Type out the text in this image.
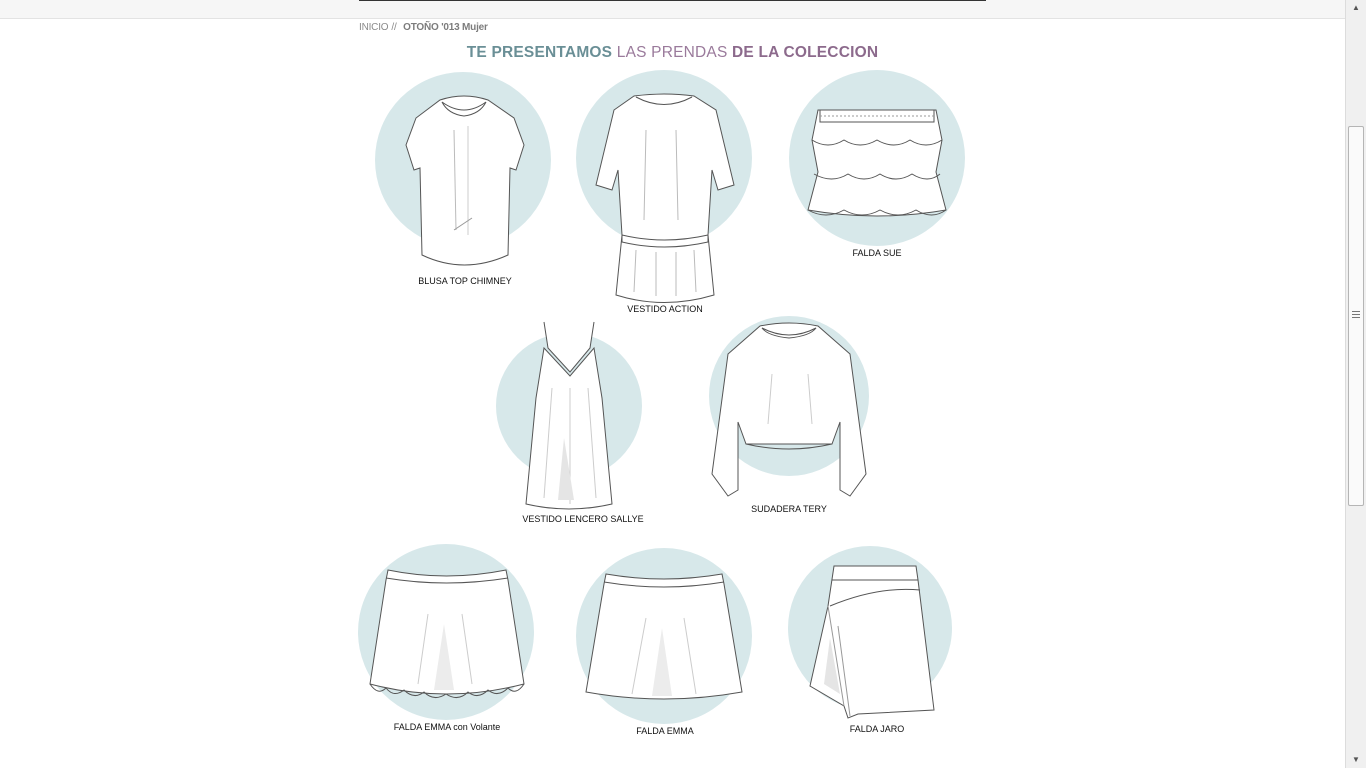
INICIO // OTOÑO '013 Mujer
TE PRESENTAMOS LAS PRENDAS DE LA COLECCION
BLUSA TOP CHIMNEY
VESTIDO ACTION
FALDA SUE
VESTIDO LENCERO SALLYE
SUDADERA TERY
FALDA EMMA con Volante	FALDA EMMA	FALDA JARO
▲
▼
